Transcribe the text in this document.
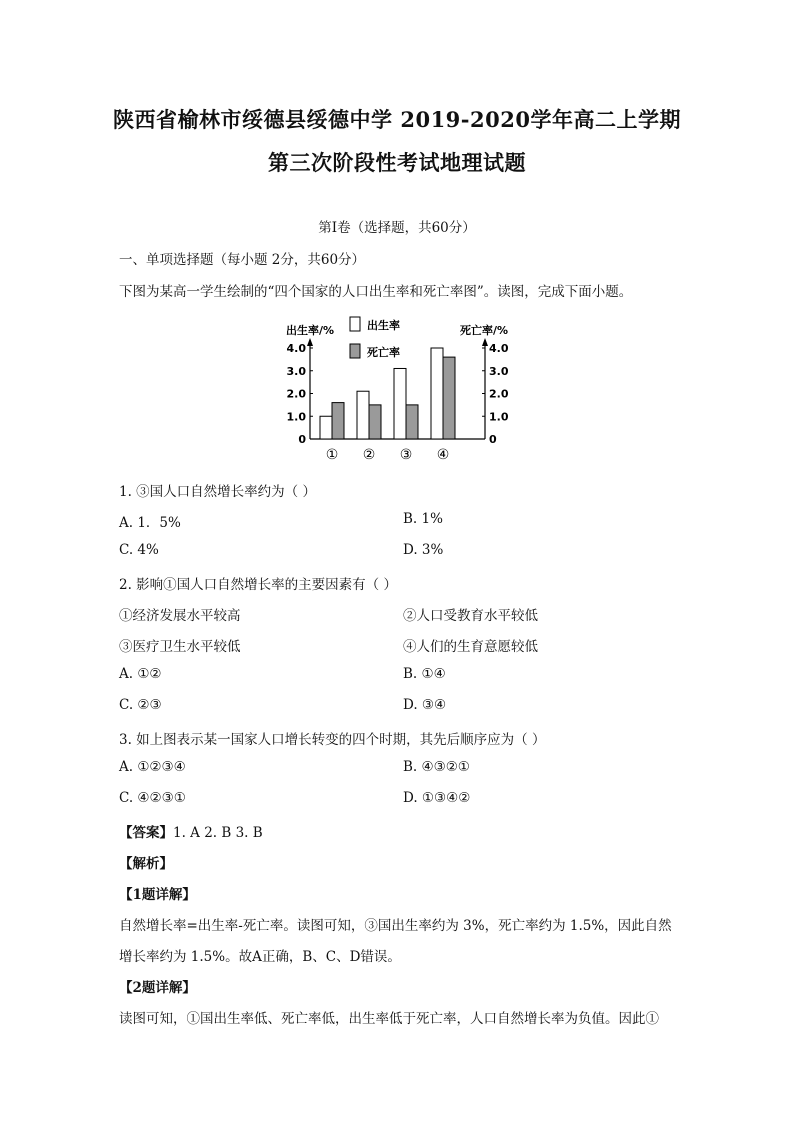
陕西省榆林市绥德县绥德中学 2019-2020学年高二上学期
第三次阶段性考试地理试题
第Ⅰ卷（选择题，共60分）
一、单项选择题（每小题 2分，共60分）
下图为某高一学生绘制的“四个国家的人口出生率和死亡率图”。读图，完成下面小题。
出生率/%	死亡率/%
出生率
死亡率
4.0	4.0
3.0	3.0
2.0	2.0
1.0	1.0
0	0
① ② ③ ④
1. ③国人口自然增长率约为（ ）
A. 1．5%	B. 1%
C. 4%	D. 3%
2. 影响①国人口自然增长率的主要因素有（ ）
①经济发展水平较高	②人口受教育水平较低
③医疗卫生水平较低	④人们的生育意愿较低
A. ①②	B. ①④
C. ②③	D. ③④
3. 如上图表示某一国家人口增长转变的四个时期，其先后顺序应为（ ）
A. ①②③④	B. ④③②①
C. ④②③①	D. ①③④②
【答案】1. A 2. B 3. B
【解析】
【1题详解】
自然增长率=出生率-死亡率。读图可知，③国出生率约为 3%，死亡率约为 1.5%，因此自然
增长率约为 1.5%。故A正确，B、C、D错误。
【2题详解】
读图可知，①国出生率低、死亡率低，出生率低于死亡率，人口自然增长率为负值。因此①
